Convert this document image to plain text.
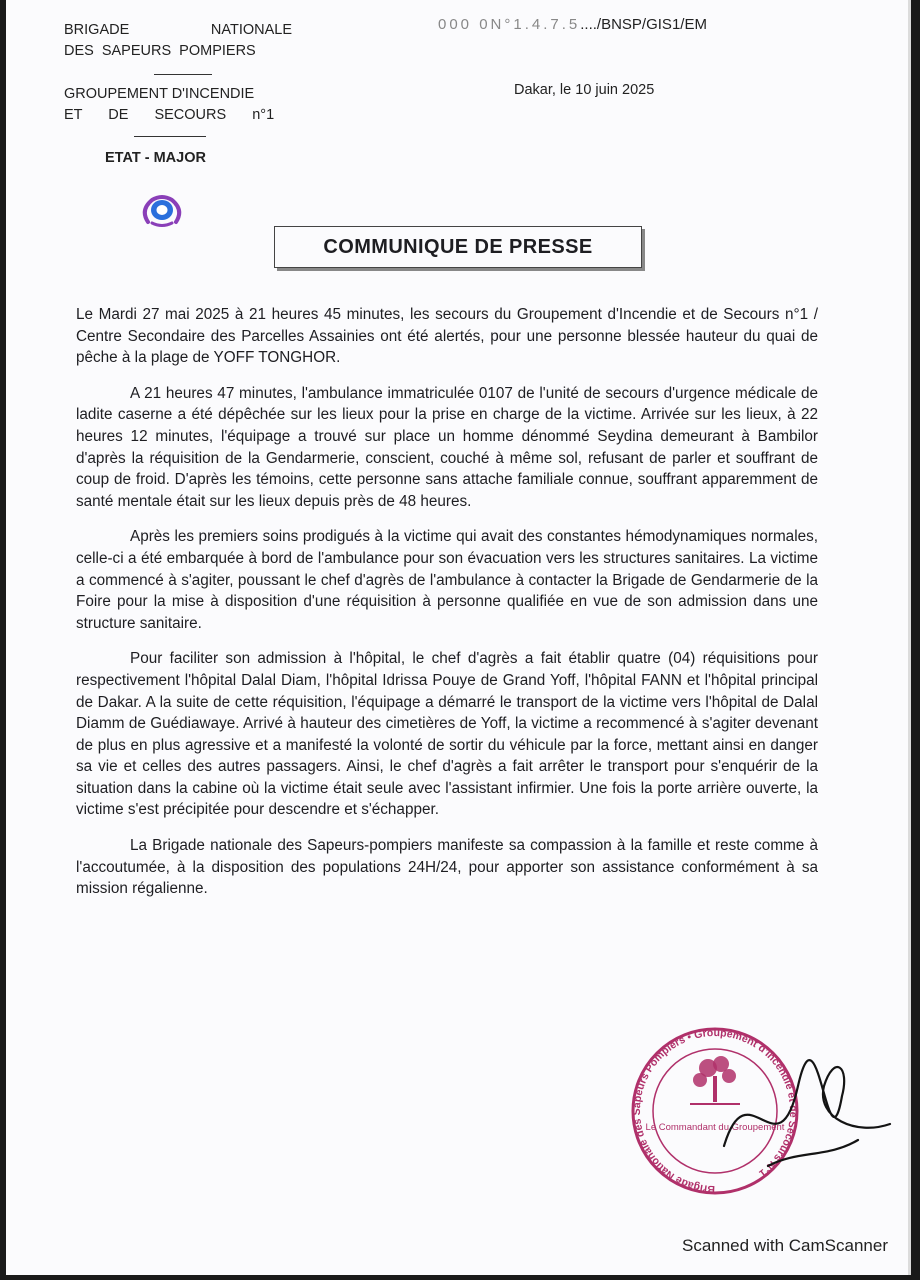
BRIGADE	NATIONALE
DES SAPEURS POMPIERS
GROUPEMENT D'INCENDIE
ET DE SECOURS n°1
ETAT - MAJOR
000 0N°1.4.7.5..../BNSP/GIS1/EM
Dakar, le 10 juin 2025
COMMUNIQUE DE PRESSE

Le Mardi 27 mai 2025 à 21 heures 45 minutes, les secours du Groupement d'Incendie et de Secours n°1 / Centre Secondaire des Parcelles Assainies ont été alertés, pour une personne blessée hauteur du quai de pêche à la plage de YOFF TONGHOR.

A 21 heures 47 minutes, l'ambulance immatriculée 0107 de l'unité de secours d'urgence médicale de ladite caserne a été dépêchée sur les lieux pour la prise en charge de la victime. Arrivée sur les lieux, à 22 heures 12 minutes, l'équipage a trouvé sur place un homme dénommé Seydina demeurant à Bambilor d'après la réquisition de la Gendarmerie, conscient, couché à même sol, refusant de parler et souffrant de coup de froid. D'après les témoins, cette personne sans attache familiale connue, souffrant apparemment de santé mentale était sur les lieux depuis près de 48 heures.

Après les premiers soins prodigués à la victime qui avait des constantes hémodynamiques normales, celle-ci a été embarquée à bord de l'ambulance pour son évacuation vers les structures sanitaires. La victime a commencé à s'agiter, poussant le chef d'agrès de l'ambulance à contacter la Brigade de Gendarmerie de la Foire pour la mise à disposition d'une réquisition à personne qualifiée en vue de son admission dans une structure sanitaire.

Pour faciliter son admission à l'hôpital, le chef d'agrès a fait établir quatre (04) réquisitions pour respectivement l'hôpital Dalal Diam, l'hôpital Idrissa Pouye de Grand Yoff, l'hôpital FANN et l'hôpital principal de Dakar. A la suite de cette réquisition, l'équipage a démarré le transport de la victime vers l'hôpital de Dalal Diamm de Guédiawaye. Arrivé à hauteur des cimetières de Yoff, la victime a recommencé à s'agiter devenant de plus en plus agressive et a manifesté la volonté de sortir du véhicule par la force, mettant ainsi en danger sa vie et celles des autres passagers. Ainsi, le chef d'agrès a fait arrêter le transport pour s'enquérir de la situation dans la cabine où la victime était seule avec l'assistant infirmier. Une fois la porte arrière ouverte, la victime s'est précipitée pour descendre et s'échapper.

La Brigade nationale des Sapeurs-pompiers manifeste sa compassion à la famille et reste comme à l'accoutumée, à la disposition des populations 24H/24, pour apporter son assistance conformément à sa mission régalienne.

Brigade Nationale des Sapeurs Pompiers • Groupement d'Incendie et de Secours N°1
Le Commandant du Groupement
Scanned with CamScanner
